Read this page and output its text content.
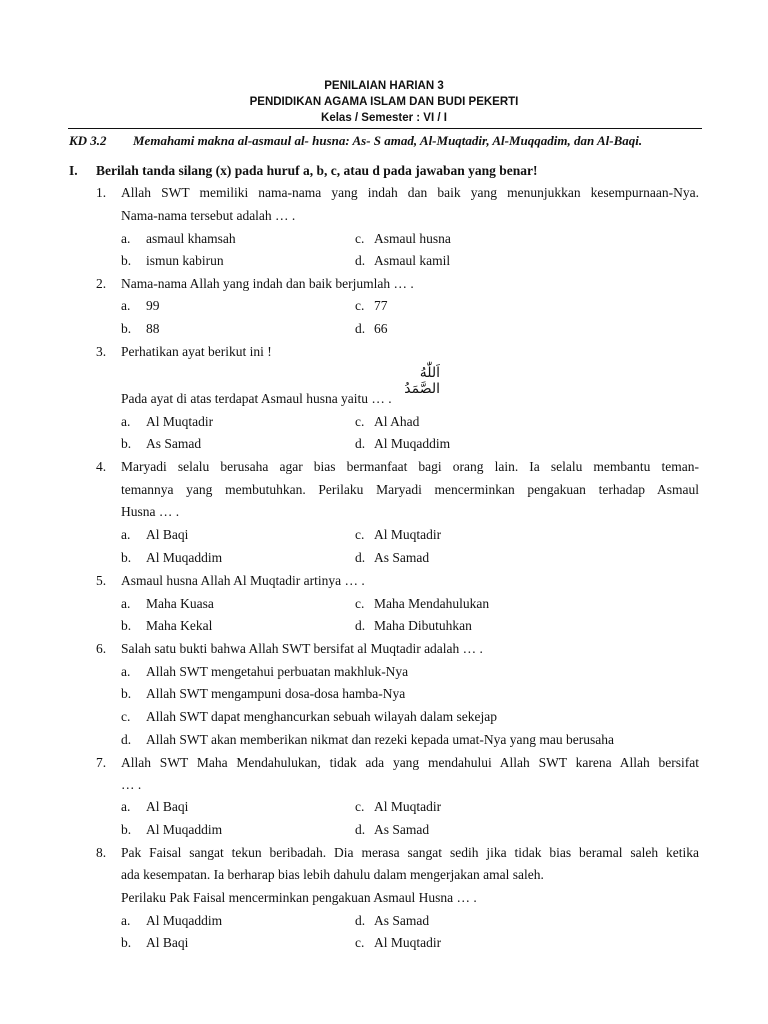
PENILAIAN HARIAN 3
PENDIDIKAN AGAMA ISLAM DAN BUDI PEKERTI
Kelas / Semester : VI / I
KD 3.2 Memahami makna al-asmaul al- husna: As- S amad, Al-Muqtadir, Al-Muqqadim, dan Al-Baqi.
I. Berilah tanda silang (x) pada huruf a, b, c, atau d pada jawaban yang benar!
1. Allah SWT memiliki nama-nama yang indah dan baik yang menunjukkan kesempurnaan-Nya.
Nama-nama tersebut adalah … .
a. asmaul khamsah	c. Asmaul husna
b. ismun kabirun	d. Asmaul kamil
2. Nama-nama Allah yang indah dan baik berjumlah … .
a. 99	c. 77
b. 88	d. 66
3. Perhatikan ayat berikut ini !
اَللّٰهُ الصَّمَدُ
Pada ayat di atas terdapat Asmaul husna yaitu … .
a. Al Muqtadir	c. Al Ahad
b. As Samad	d. Al Muqaddim
4. Maryadi selalu berusaha agar bias bermanfaat bagi orang lain. Ia selalu membantu teman-
temannya yang membutuhkan. Perilaku Maryadi mencerminkan pengakuan terhadap Asmaul
Husna … .
a. Al Baqi	c. Al Muqtadir
b. Al Muqaddim	d. As Samad
5. Asmaul husna Allah Al Muqtadir artinya … .
a. Maha Kuasa	c. Maha Mendahulukan
b. Maha Kekal	d. Maha Dibutuhkan
6. Salah satu bukti bahwa Allah SWT bersifat al Muqtadir adalah … .
a. Allah SWT mengetahui perbuatan makhluk-Nya
b. Allah SWT mengampuni dosa-dosa hamba-Nya
c. Allah SWT dapat menghancurkan sebuah wilayah dalam sekejap
d. Allah SWT akan memberikan nikmat dan rezeki kepada umat-Nya yang mau berusaha
7. Allah SWT Maha Mendahulukan, tidak ada yang mendahului Allah SWT karena Allah bersifat
… .
a. Al Baqi	c. Al Muqtadir
b. Al Muqaddim	d. As Samad
8. Pak Faisal sangat tekun beribadah. Dia merasa sangat sedih jika tidak bias beramal saleh ketika
ada kesempatan. Ia berharap bias lebih dahulu dalam mengerjakan amal saleh.
Perilaku Pak Faisal mencerminkan pengakuan Asmaul Husna … .
a. Al Muqaddim	d. As Samad
b. Al Baqi	c. Al Muqtadir
